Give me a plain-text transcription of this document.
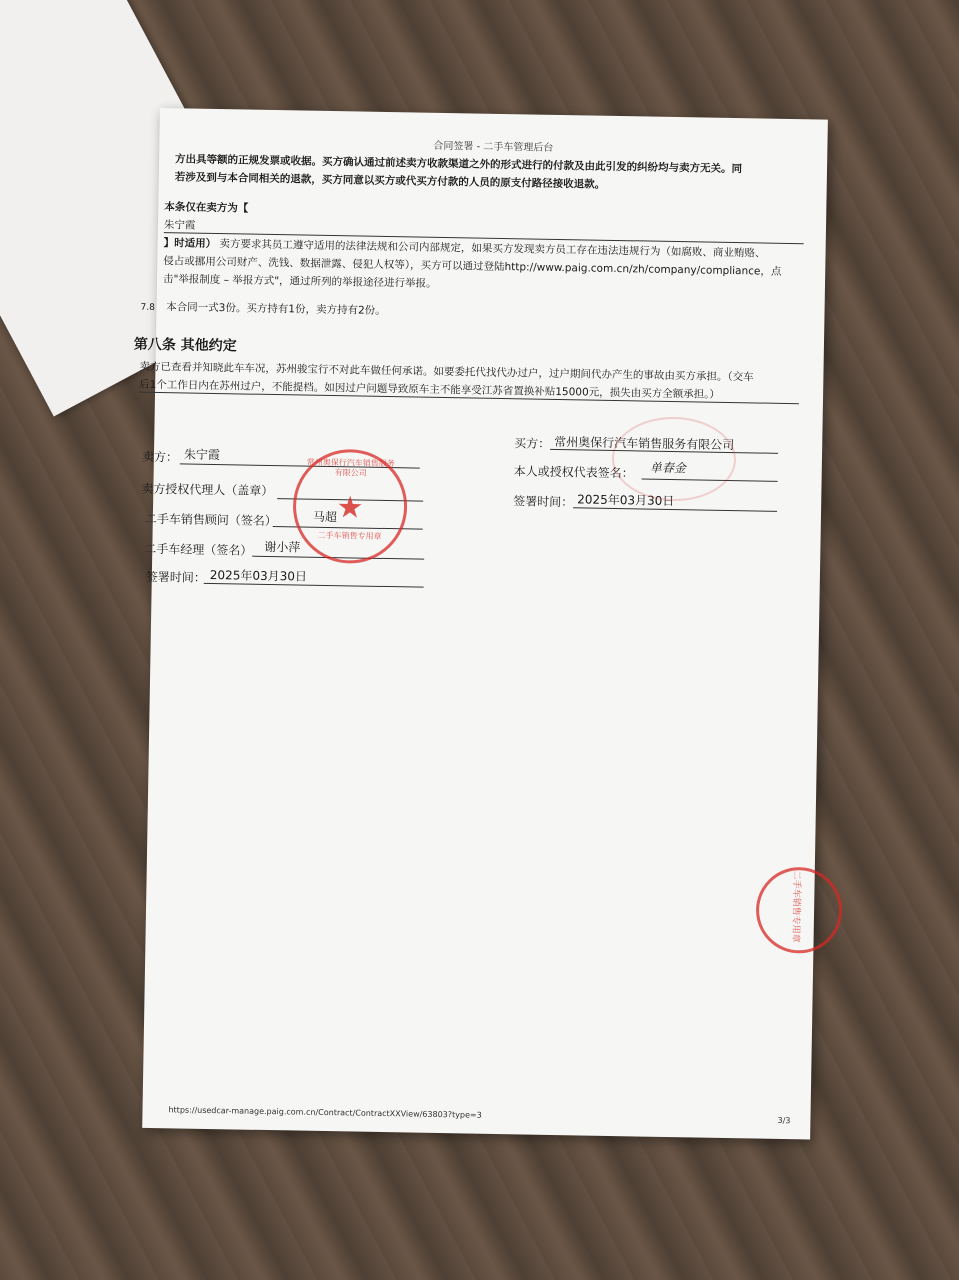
合同签署 - 二手车管理后台
方出具等额的正规发票或收据。买方确认通过前述卖方收款渠道之外的形式进行的付款及由此引发的纠纷均与卖方无关。同
若涉及到与本合同相关的退款，买方同意以买方或代买方付款的人员的原支付路径接收退款。
本条仅在卖方为【
朱宁霞
】时适用） 卖方要求其员工遵守适用的法律法规和公司内部规定，如果买方发现卖方员工存在违法违规行为（如腐败、商业贿赂、
侵占或挪用公司财产、洗钱、数据泄露、侵犯人权等），买方可以通过登陆http://www.paig.com.cn/zh/company/compliance，点
击"举报制度 – 举报方式"，通过所列的举报途径进行举报。
7.8 本合同一式3份。买方持有1份，卖方持有2份。
第八条 其他约定
卖方已查看并知晓此车车况，苏州骏宝行不对此车做任何承诺。如要委托代找代办过户，过户期间代办产生的事故由买方承担。（交车
后1个工作日内在苏州过户，不能提档。如因过户问题导致原车主不能享受江苏省置换补贴15000元，损失由买方全额承担。）
卖方： 朱宁霞
卖方授权代理人（盖章）
二手车销售顾问（签名）	马超
二手车经理（签名） 谢小萍
签署时间： 2025年03月30日
买方： 常州奥保行汽车销售服务有限公司
本人或授权代表签名： 单春金
签署时间： 2025年03月30日
常州奥保行汽车销售服务有限公司
★
二手车销售专用章
二手车销售专用章
https://usedcar-manage.paig.com.cn/Contract/ContractXXView/63803?type=3
3/3
